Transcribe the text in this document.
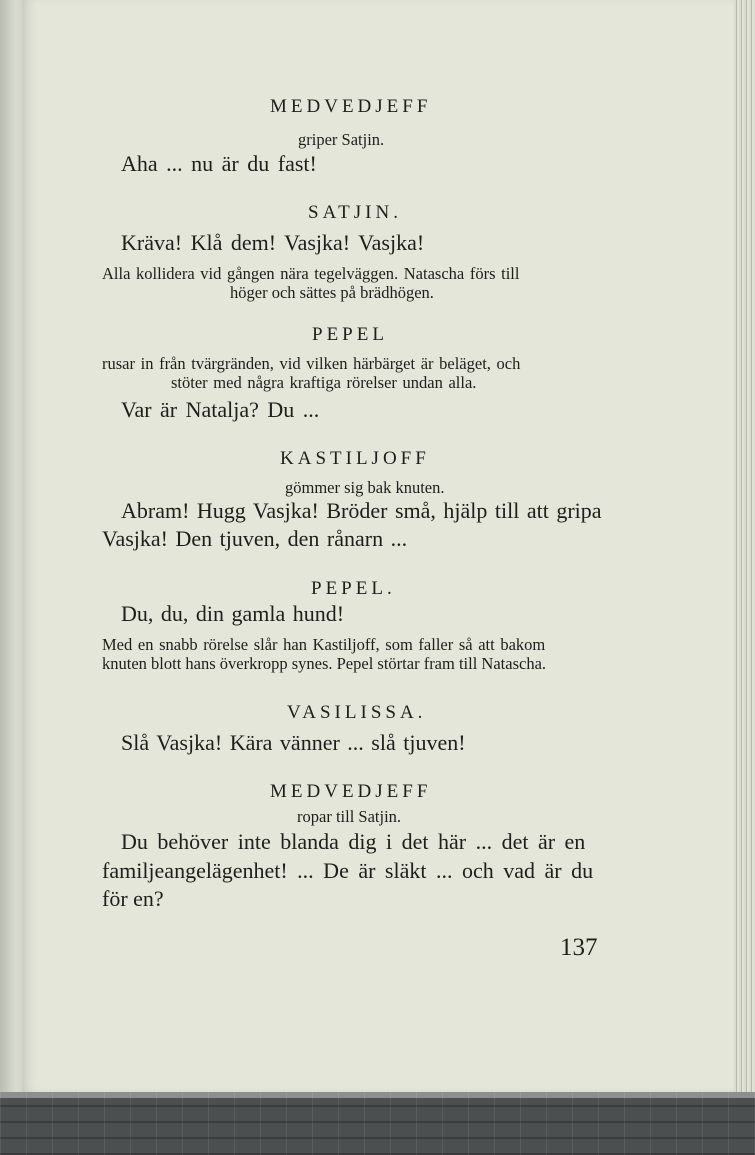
MEDVEDJEFF

griper Satjin.

Aha ... nu är du fast!

SATJIN.

Kräva! Klå dem! Vasjka! Vasjka!

Alla kollidera vid gången nära tegelväggen. Natascha förs till

höger och sättes på brädhögen.

PEPEL

rusar in från tvärgränden, vid vilken härbärget är beläget, och

stöter med några kraftiga rörelser undan alla.

Var är Natalja? Du ...

KASTILJOFF

gömmer sig bak knuten.

Abram! Hugg Vasjka! Bröder små, hjälp till att gripa

Vasjka! Den tjuven, den rånarn ...

PEPEL.

Du, du, din gamla hund!

Med en snabb rörelse slår han Kastiljoff, som faller så att bakom

knuten blott hans överkropp synes. Pepel störtar fram till Natascha.

VASILISSA.

Slå Vasjka! Kära vänner ... slå tjuven!

MEDVEDJEFF

ropar till Satjin.

Du behöver inte blanda dig i det här ... det är en

familjeangelägenhet! ... De är släkt ... och vad är du

för en?

137
